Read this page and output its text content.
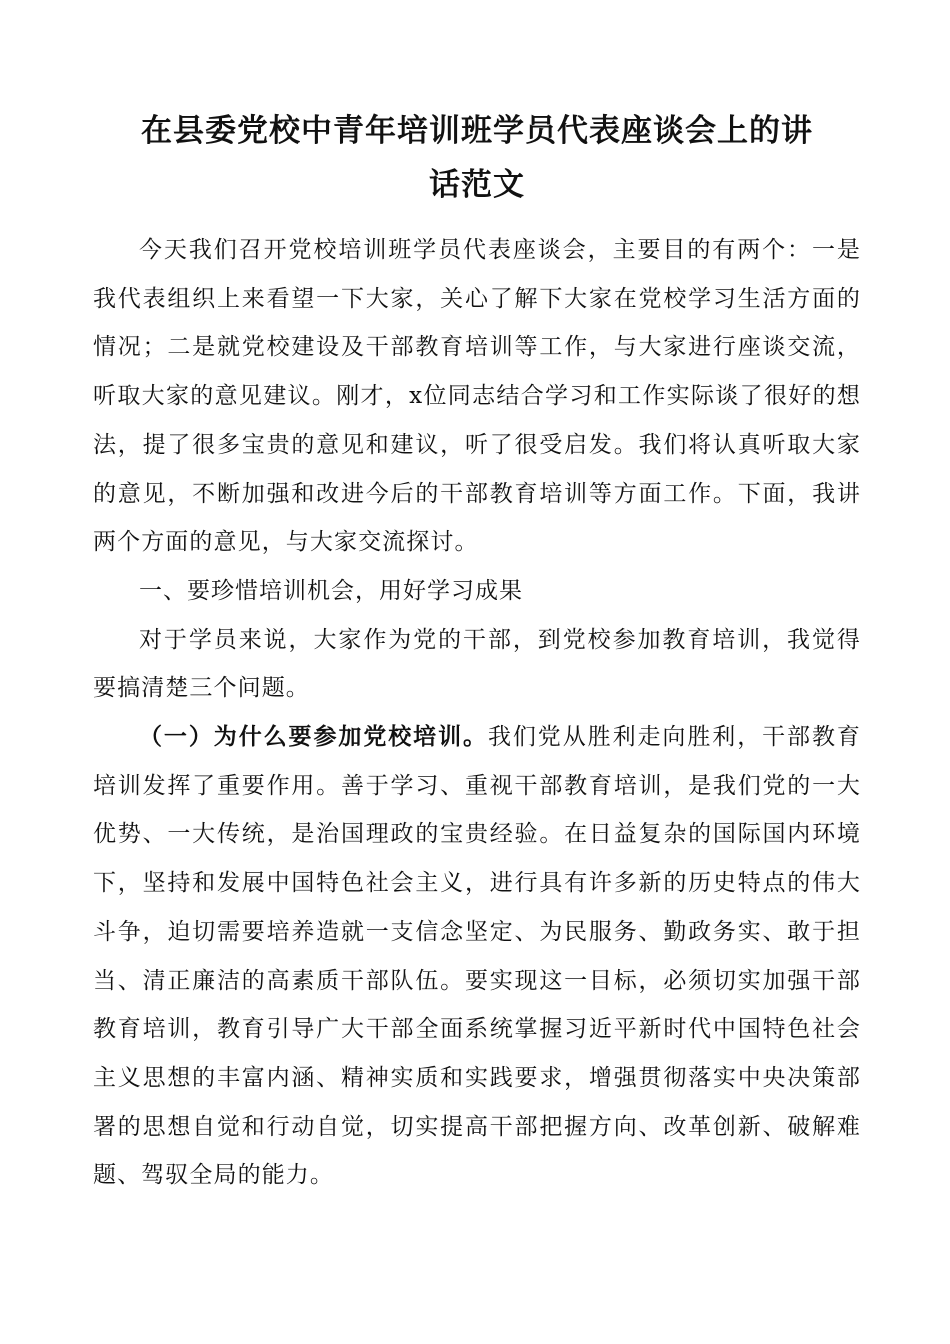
在县委党校中青年培训班学员代表座谈会上的讲
话范文

今天我们召开党校培训班学员代表座谈会，主要目的有两个：一是我代表组织上来看望一下大家，关心了解下大家在党校学习生活方面的情况；二是就党校建设及干部教育培训等工作，与大家进行座谈交流，听取大家的意见建议。刚才，x位同志结合学习和工作实际谈了很好的想法，提了很多宝贵的意见和建议，听了很受启发。我们将认真听取大家的意见，不断加强和改进今后的干部教育培训等方面工作。下面，我讲两个方面的意见，与大家交流探讨。

一、要珍惜培训机会，用好学习成果

对于学员来说，大家作为党的干部，到党校参加教育培训，我觉得要搞清楚三个问题。

（一）为什么要参加党校培训。我们党从胜利走向胜利，干部教育培训发挥了重要作用。善于学习、重视干部教育培训，是我们党的一大优势、一大传统，是治国理政的宝贵经验。在日益复杂的国际国内环境下，坚持和发展中国特色社会主义，进行具有许多新的历史特点的伟大斗争，迫切需要培养造就一支信念坚定、为民服务、勤政务实、敢于担当、清正廉洁的高素质干部队伍。要实现这一目标，必须切实加强干部教育培训，教育引导广大干部全面系统掌握习近平新时代中国特色社会主义思想的丰富内涵、精神实质和实践要求，增强贯彻落实中央决策部署的思想自觉和行动自觉，切实提高干部把握方向、改革创新、破解难题、驾驭全局的能力。
